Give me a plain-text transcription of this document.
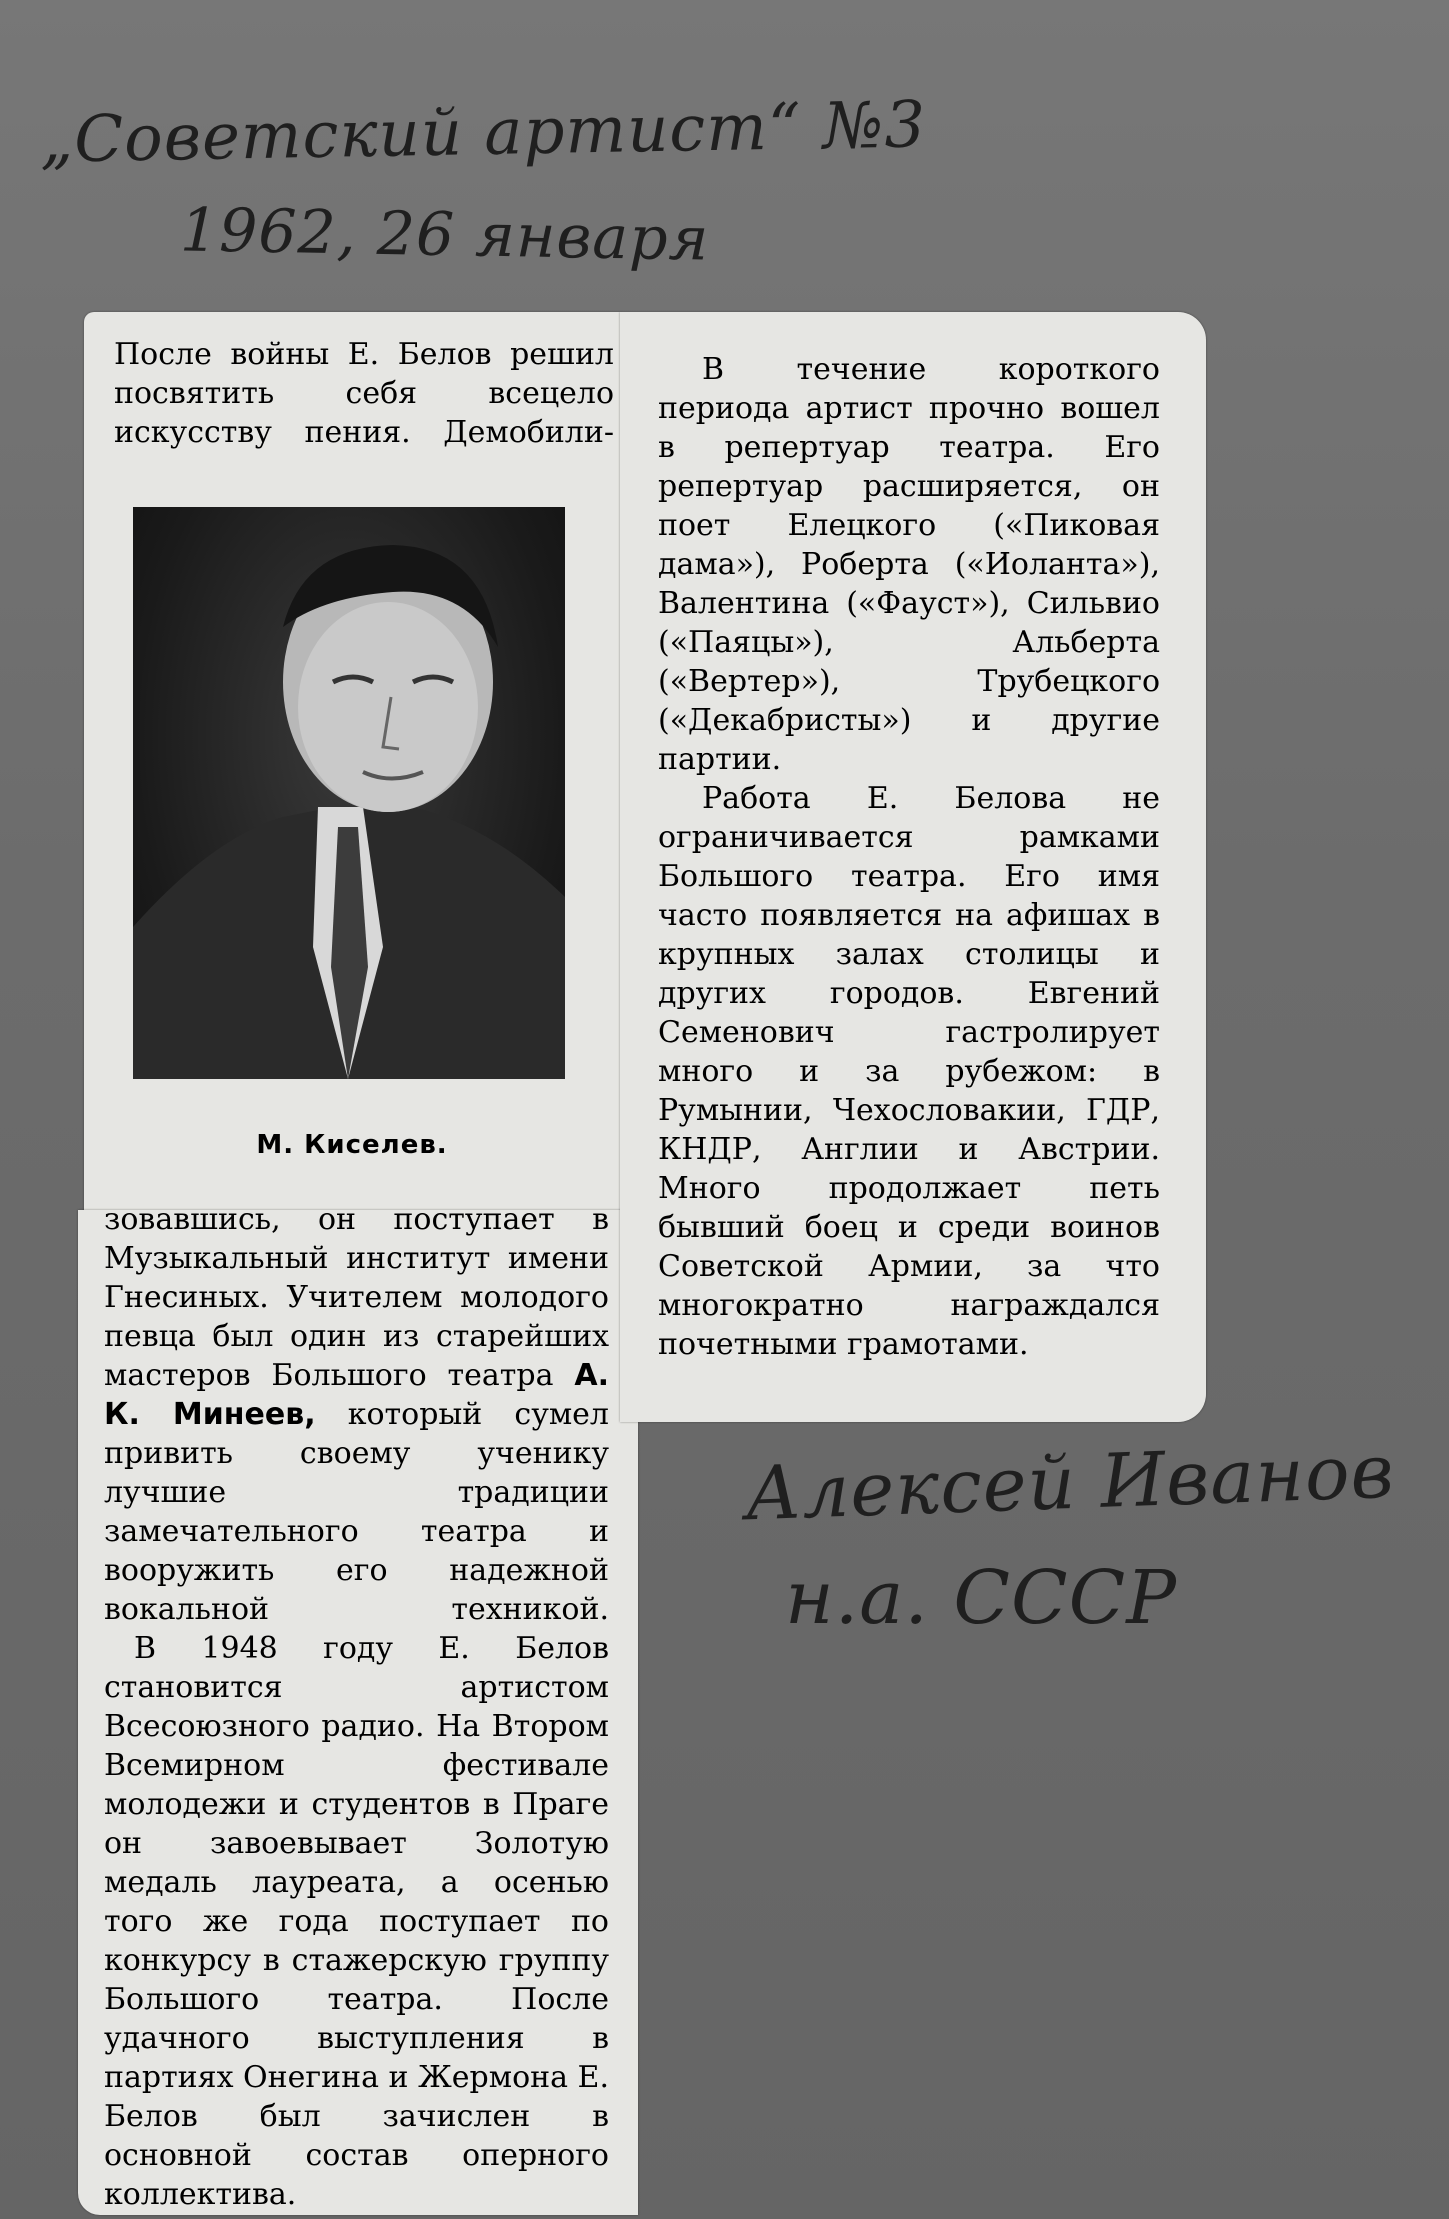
„Советский артист“ №3
1962, 26 января
Алексей Иванов
н.а. СССР

После войны Е. Белов решил посвятить себя всецело искусству пения. Демобили-

М. Киселев.

зовавшись, он поступает в Музыкальный институт имени Гнесиных. Учителем молодого певца был один из старейших мастеров Большого театра А. К. Минеев, который сумел привить своему ученику лучшие традиции замечательного театра и вооружить его надежной вокальной техникой.

В 1948 году Е. Белов становится артистом Всесоюзного радио. На Втором Всемирном фестивале молодежи и студентов в Праге он завоевывает Золотую медаль лауреата, а осенью того же года поступает по конкурсу в стажерскую группу Большого театра. После удачного выступления в партиях Онегина и Жермона Е. Белов был зачислен в основной состав оперного коллектива.

В течение короткого периода артист прочно вошел в репертуар театра. Его репертуар расширяется, он поет Елецкого («Пиковая дама»), Роберта («Иоланта»), Валентина («Фауст»), Сильвио («Паяцы»), Альберта («Вертер»), Трубецкого («Декабристы») и другие партии.

Работа Е. Белова не ограничивается рамками Большого театра. Его имя часто появляется на афишах в крупных залах столицы и других городов. Евгений Семенович гастролирует много и за рубежом: в Румынии, Чехословакии, ГДР, КНДР, Англии и Австрии. Много продолжает петь бывший боец и среди воинов Советской Армии, за что многократно награждался почетными грамотами.
